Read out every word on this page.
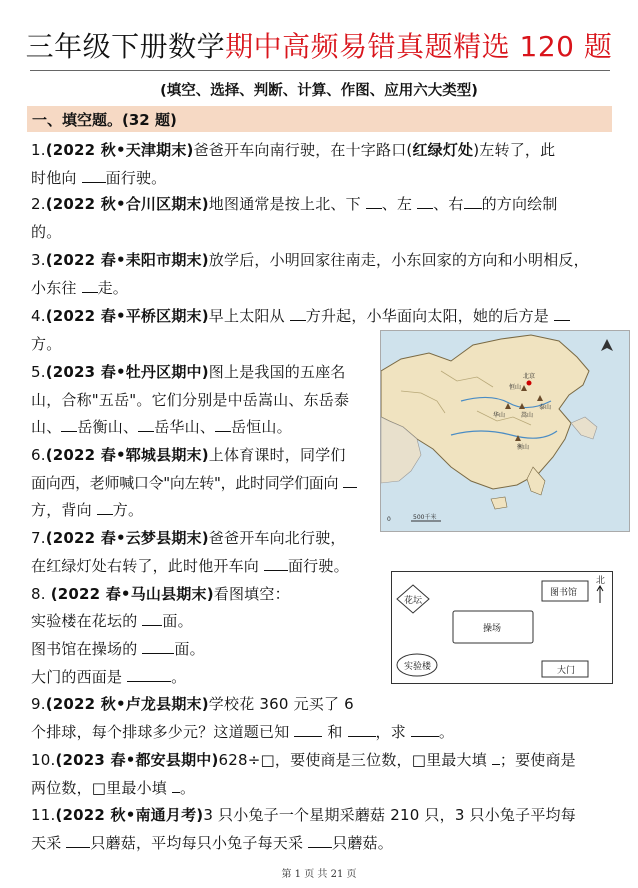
三年级下册数学期中高频易错真题精选 120 题
(填空、选择、判断、计算、作图、应用六大类型)
一、填空题。(32 题)
1.(2022 秋•天津期末)爸爸开车向南行驶，在十字路口(红绿灯处)左转了，此
时他向 面行驶。
2.(2022 秋•合川区期末)地图通常是按上北、下 、左 、右 的方向绘制
的。
3.(2022 春•耒阳市期末)放学后，小明回家往南走，小东回家的方向和小明相反，
小东往 走。
4.(2022 春•平桥区期末)早上太阳从 方升起，小华面向太阳，她的后方是
方。
5.(2023 春•牡丹区期中)图上是我国的五座名
山，合称"五岳"。它们分别是中岳嵩山、东岳泰
山、 岳衡山、 岳华山、 岳恒山。
6.(2022 春•郓城县期末)上体育课时，同学们
面向西，老师喊口令"向左转"，此时同学们面向
方，背向 方。
7.(2022 春•云梦县期末)爸爸开车向北行驶，
在红绿灯处右转了，此时他开车向 面行驶。
8. (2022 春•马山县期末)看图填空：
实验楼在花坛的 面。
图书馆在操场的 面。
大门的西面是	。
9.(2022 秋•卢龙县期末)学校花 360 元买了 6
个排球，每个排球多少元？这道题已知	和 ，求 。
10.(2023 春•都安县期中)628÷□，要使商是三位数，□里最大填 ；要使商是
两位数，□里最小填 。
11.(2022 秋•南通月考)3 只小兔子一个星期采蘑菇 210 只，3 只小兔子平均每
天采 只蘑菇，平均每只小兔子每天采 只蘑菇。
北京
泰山
嵩山
华山
衡山
恒山
0	500千米
北
花坛
图书馆
操场
实验楼	大门
第 1 页 共 21 页
